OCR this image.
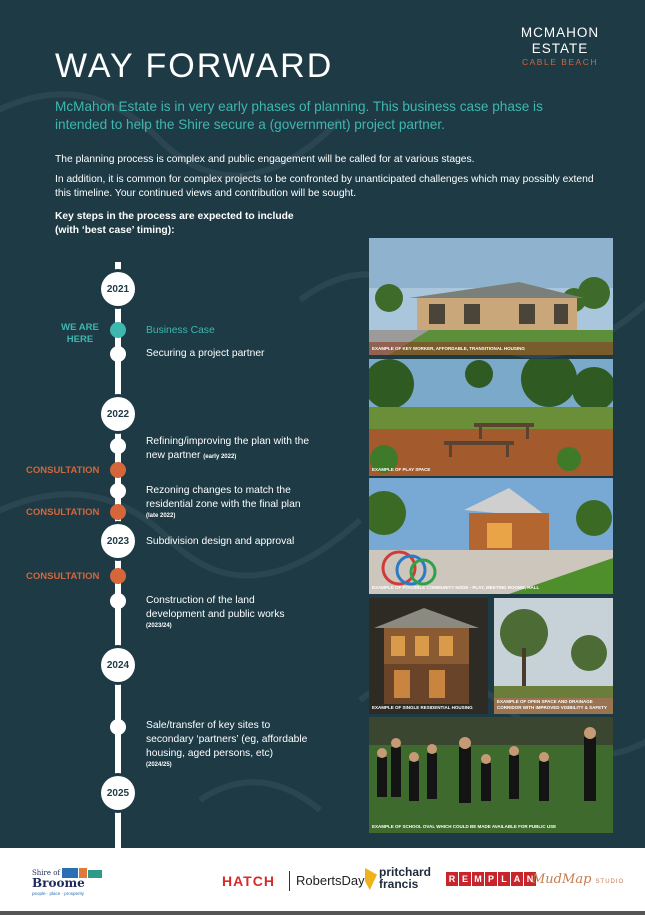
MCMAHON
ESTATE
CABLE BEACH
WAY FORWARD
McMahon Estate is in very early phases of planning. This business case phase is intended to help the Shire secure a (government) project partner.
The planning process is complex and public engagement will be called for at various stages.
In addition, it is common for complex projects to be confronted by unanticipated challenges which may possibly extend this timeline. Your continued views and contribution will be sought.
Key steps in the process are expected to include
(with ‘best case’ timing):
2021
2022
2023
2024
2025
WE ARE
HERE
CONSULTATION
CONSULTATION
CONSULTATION
Business Case
Securing a project partner
Refining/improving the plan with the
new partner (early 2022)
Rezoning changes to match the
residential zone with the final plan
(late 2022)
Subdivision design and approval
Construction of the land
development and public works
(2023/24)
Sale/transfer of key sites to
secondary ‘partners’ (eg, affordable
housing, aged persons, etc)
(2024/25)
EXAMPLE OF KEY WORKER, AFFORDABLE, TRANSITIONAL HOUSING
EXAMPLE OF PLAY SPACE
EXAMPLE OF POSSIBLE COMMUNITY NODE - PLAY, MEETING ROOMS, HALL
EXAMPLE OF SINGLE RESIDENTIAL HOUSING
EXAMPLE OF OPEN SPACE AND DRAINAGE CORRIDOR WITH IMPROVED VISIBILITY & SAFETY
EXAMPLE OF SCHOOL OVAL WHICH COULD BE MADE AVAILABLE FOR PUBLIC USE
Shire of
Broome
people · place · prosperity
HATCH RobertsDay
pritchard
francis	R E M P L A N
MudMap STUDIO
